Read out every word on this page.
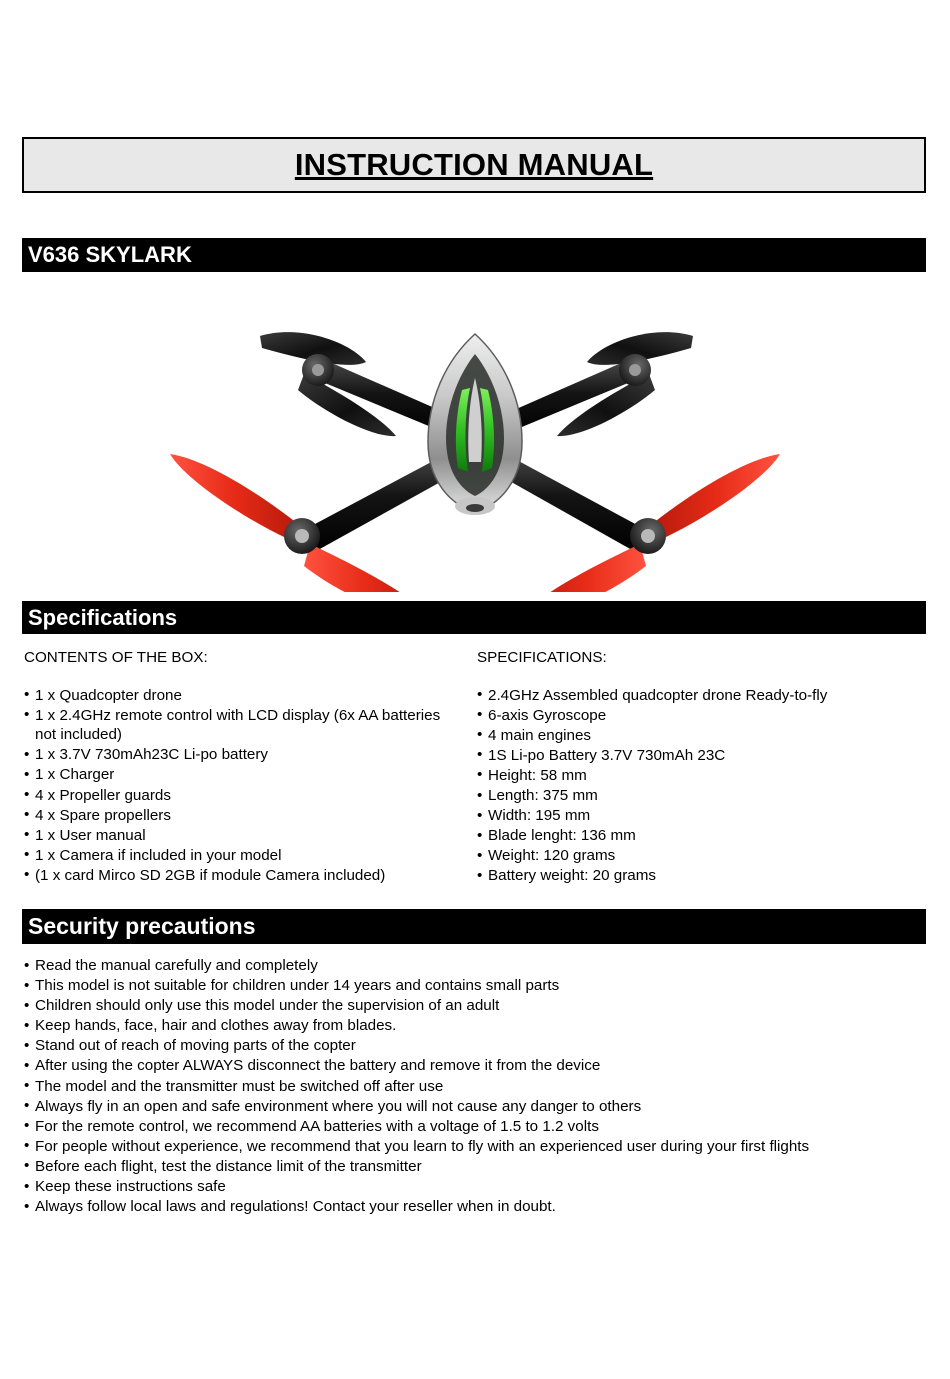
INSTRUCTION MANUAL
V636 SKYLARK
Specifications
CONTENTS OF THE BOX:
• 1 x Quadcopter drone
• 1 x 2.4GHz remote control with LCD display (6x AA batteries not included)
• 1 x 3.7V 730mAh23C Li-po battery
• 1 x Charger
• 4 x Propeller guards
• 4 x Spare propellers
• 1 x User manual
• 1 x Camera if included in your model
• (1 x card Mirco SD 2GB if module Camera included)
SPECIFICATIONS:
• 2.4GHz Assembled quadcopter drone Ready-to-fly
• 6-axis Gyroscope
• 4 main engines
• 1S Li-po Battery 3.7V 730mAh 23C
• Height: 58 mm
• Length: 375 mm
• Width: 195 mm
• Blade lenght: 136 mm
• Weight: 120 grams
• Battery weight: 20 grams
Security precautions
• Read the manual carefully and completely
• This model is not suitable for children under 14 years and contains small parts
• Children should only use this model under the supervision of an adult
• Keep hands, face, hair and clothes away from blades.
• Stand out of reach of moving parts of the copter
• After using the copter ALWAYS disconnect the battery and remove it from the device
• The model and the transmitter must be switched off after use
• Always fly in an open and safe environment where you will not cause any danger to others
• For the remote control, we recommend AA batteries with a voltage of 1.5 to 1.2 volts
• For people without experience, we recommend that you learn to fly with an experienced user during your first flights
• Before each flight, test the distance limit of the transmitter
• Keep these instructions safe
• Always follow local laws and regulations! Contact your reseller when in doubt.
